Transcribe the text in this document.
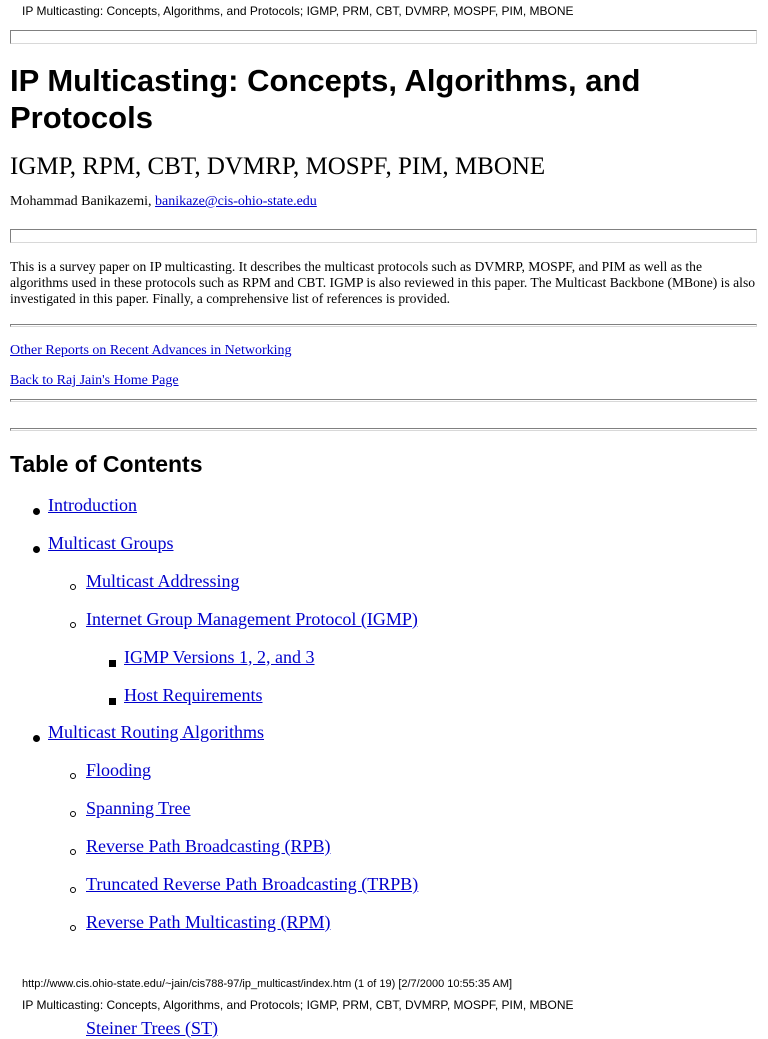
IP Multicasting: Concepts, Algorithms, and Protocols; IGMP, PRM, CBT, DVMRP, MOSPF, PIM, MBONE
IP Multicasting: Concepts, Algorithms, and Protocols
IGMP, RPM, CBT, DVMRP, MOSPF, PIM, MBONE
Mohammad Banikazemi, banikaze@cis-ohio-state.edu
This is a survey paper on IP multicasting. It describes the multicast protocols such as DVMRP, MOSPF, and PIM as well as the algorithms used in these protocols such as RPM and CBT. IGMP is also reviewed in this paper. The Multicast Backbone (MBone) is also investigated in this paper. Finally, a comprehensive list of references is provided.
Other Reports on Recent Advances in Networking
Back to Raj Jain's Home Page
Table of Contents
Introduction
Multicast Groups
Multicast Addressing
Internet Group Management Protocol (IGMP)
IGMP Versions 1, 2, and 3
Host Requirements
Multicast Routing Algorithms
Flooding
Spanning Tree
Reverse Path Broadcasting (RPB)
Truncated Reverse Path Broadcasting (TRPB)
Reverse Path Multicasting (RPM)
http://www.cis.ohio-state.edu/~jain/cis788-97/ip_multicast/index.htm (1 of 19) [2/7/2000 10:55:35 AM]
IP Multicasting: Concepts, Algorithms, and Protocols; IGMP, PRM, CBT, DVMRP, MOSPF, PIM, MBONE
Steiner Trees (ST)
